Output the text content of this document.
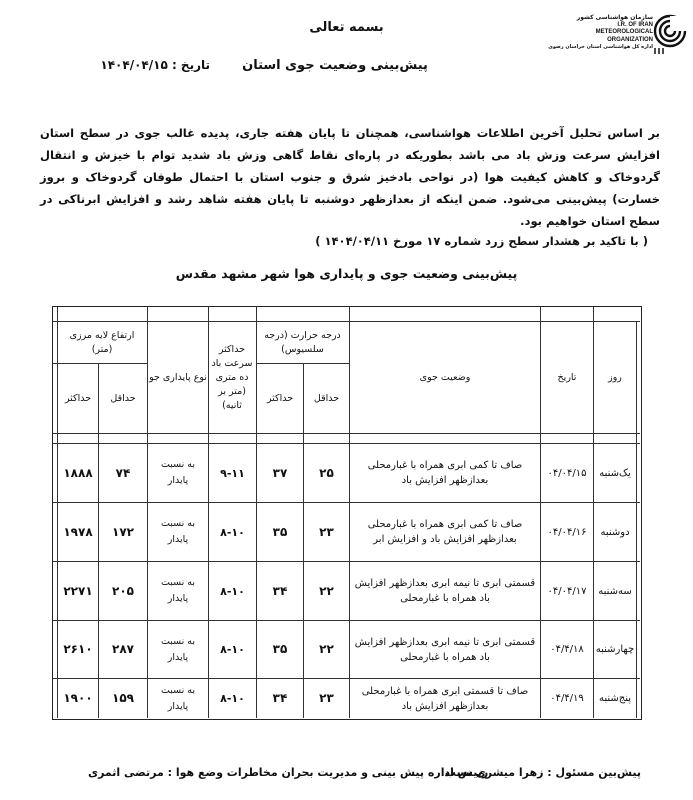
بسمه تعالی
پیش‌بینی وضعیت جوی استان
تاریخ : ۱۴۰۴/۰۴/۱۵
سازمان هواشناسی کشور
I.R. OF IRAN
METEOROLOGICAL
ORGANIZATION
اداره کل هواشناسی استان خراسان رضوی

بر اساس تحلیل آخرین اطلاعات هواشناسی، همچنان تا پایان هفته جاری، پدیده غالب جوی در سطح استان افزایش سرعت وزش باد می باشد بطوریکه در پاره‌ای نقاط گاهی وزش باد شدید توام با خیزش و انتقال گردوخاک و کاهش کیفیت هوا (در نواحی بادخیز شرق و جنوب استان با احتمال طوفان گردوخاک و بروز خسارت) پیش‌بینی می‌شود. ضمن اینکه از بعدازظهر دوشنبه تا پایان هفته شاهد رشد و افزایش ابرناکی در سطح استان خواهیم بود.

( با تاکید بر هشدار سطح زرد شماره ۱۷ مورخ ۱۴۰۴/۰۴/۱۱ )
پیش‌بینی وضعیت جوی و پایداری هوا شهر مشهد مقدس
روز
تاریخ
وضعیت جوی
درجه حرارت (درجه سلسیوس)
حداقل
حداکثر
حداکثر سرعت باد ده متری (متر بر ثانیه)
نوع پایداری جو
ارتفاع لایه مرزی (متر)
حداقل
حداکثر
یک‌شنبه
۰۴/۰۴/۱۵
صاف تا کمی ابری همراه با غبارمحلی بعدازظهر افزایش باد
۲۵
۳۷
۹-۱۱
به نسبت پایدار
۷۴
۱۸۸۸
دوشنبه
۰۴/۰۴/۱۶
صاف تا کمی ابری همراه با غبارمحلی بعدازظهر افزایش باد و افزایش ابر
۲۳
۳۵
۸-۱۰
به نسبت پایدار
۱۷۲
۱۹۷۸
سه‌شنبه
۰۴/۰۴/۱۷
قسمتی ابری تا نیمه ابری بعدازظهر افزایش باد همراه با غبارمحلی
۲۲
۳۴
۸-۱۰
به نسبت پایدار
۲۰۵
۲۲۷۱
چهارشنبه
۰۴/۴/۱۸
قسمتی ابری تا نیمه ابری بعدازظهر افزایش باد همراه با غبارمحلی
۲۲
۳۵
۸-۱۰
به نسبت پایدار
۲۸۷
۲۶۱۰
پنج‌شنبه
۰۴/۴/۱۹
صاف تا قسمتی ابری همراه با غبارمحلی بعدازظهر افزایش باد
۲۳
۳۴
۸-۱۰
به نسبت پایدار
۱۵۹
۱۹۰۰
پیش‌بین مسئول : زهرا میشری نسب
رییس اداره پیش بینی و مدیریت بحران مخاطرات وضع هوا : مرتضی اثمری
